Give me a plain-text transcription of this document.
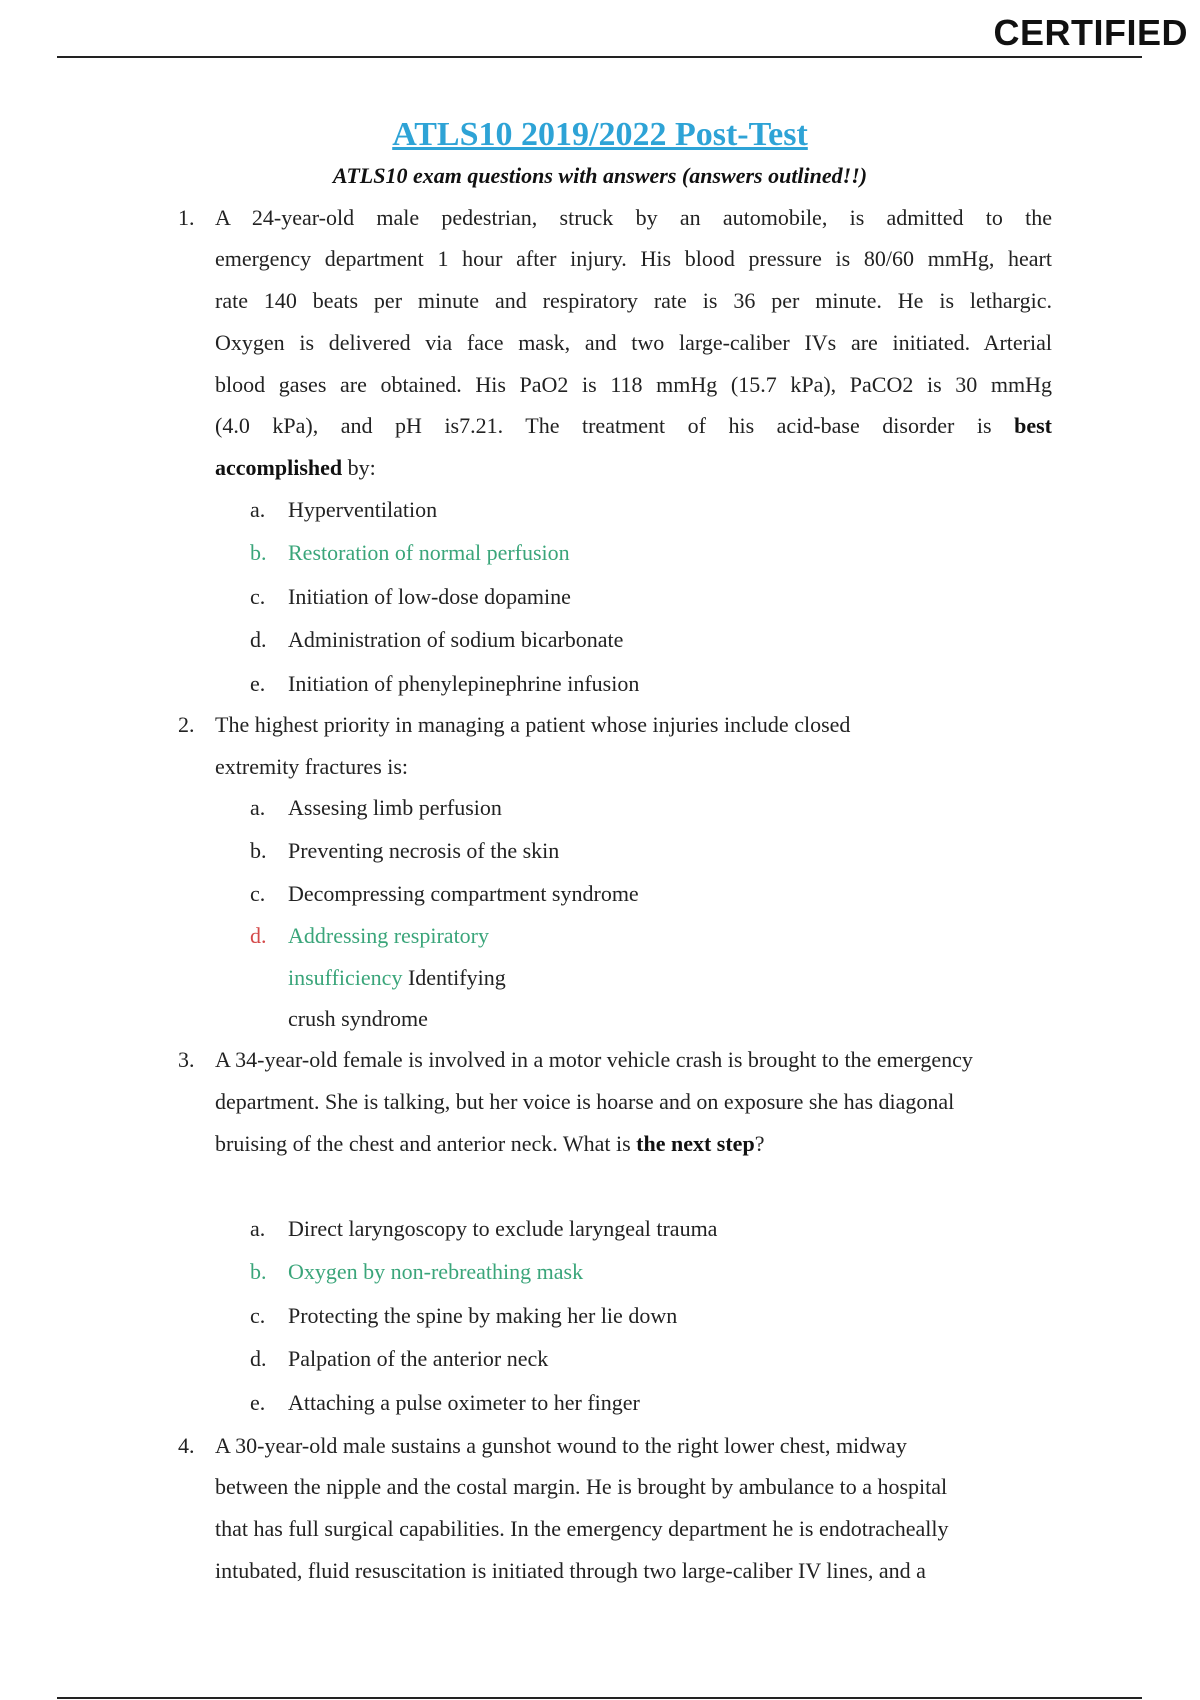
CERTIFIED
ATLS10 2019/2022 Post-Test
ATLS10 exam questions with answers (answers outlined!!)
1. A 24-year-old male pedestrian, struck by an automobile, is admitted to the
emergency department 1 hour after injury. His blood pressure is 80/60 mmHg, heart
rate 140 beats per minute and respiratory rate is 36 per minute. He is lethargic.
Oxygen is delivered via face mask, and two large-caliber IVs are initiated. Arterial
blood gases are obtained. His PaO2 is 118 mmHg (15.7 kPa), PaCO2 is 30 mmHg
(4.0 kPa), and pH is7.21. The treatment of his acid-base disorder is best
accomplished by:
a. Hyperventilation
b. Restoration of normal perfusion
c. Initiation of low-dose dopamine
d. Administration of sodium bicarbonate
e. Initiation of phenylepinephrine infusion
2. The highest priority in managing a patient whose injuries include closed
extremity fractures is:
a. Assesing limb perfusion
b. Preventing necrosis of the skin
c. Decompressing compartment syndrome
d. Addressing respiratory
insufficiency Identifying
crush syndrome
3. A 34-year-old female is involved in a motor vehicle crash is brought to the emergency
department. She is talking, but her voice is hoarse and on exposure she has diagonal
bruising of the chest and anterior neck. What is the next step?
a. Direct laryngoscopy to exclude laryngeal trauma
b. Oxygen by non-rebreathing mask
c. Protecting the spine by making her lie down
d. Palpation of the anterior neck
e. Attaching a pulse oximeter to her finger
4. A 30-year-old male sustains a gunshot wound to the right lower chest, midway
between the nipple and the costal margin. He is brought by ambulance to a hospital
that has full surgical capabilities. In the emergency department he is endotracheally
intubated, fluid resuscitation is initiated through two large-caliber IV lines, and a
